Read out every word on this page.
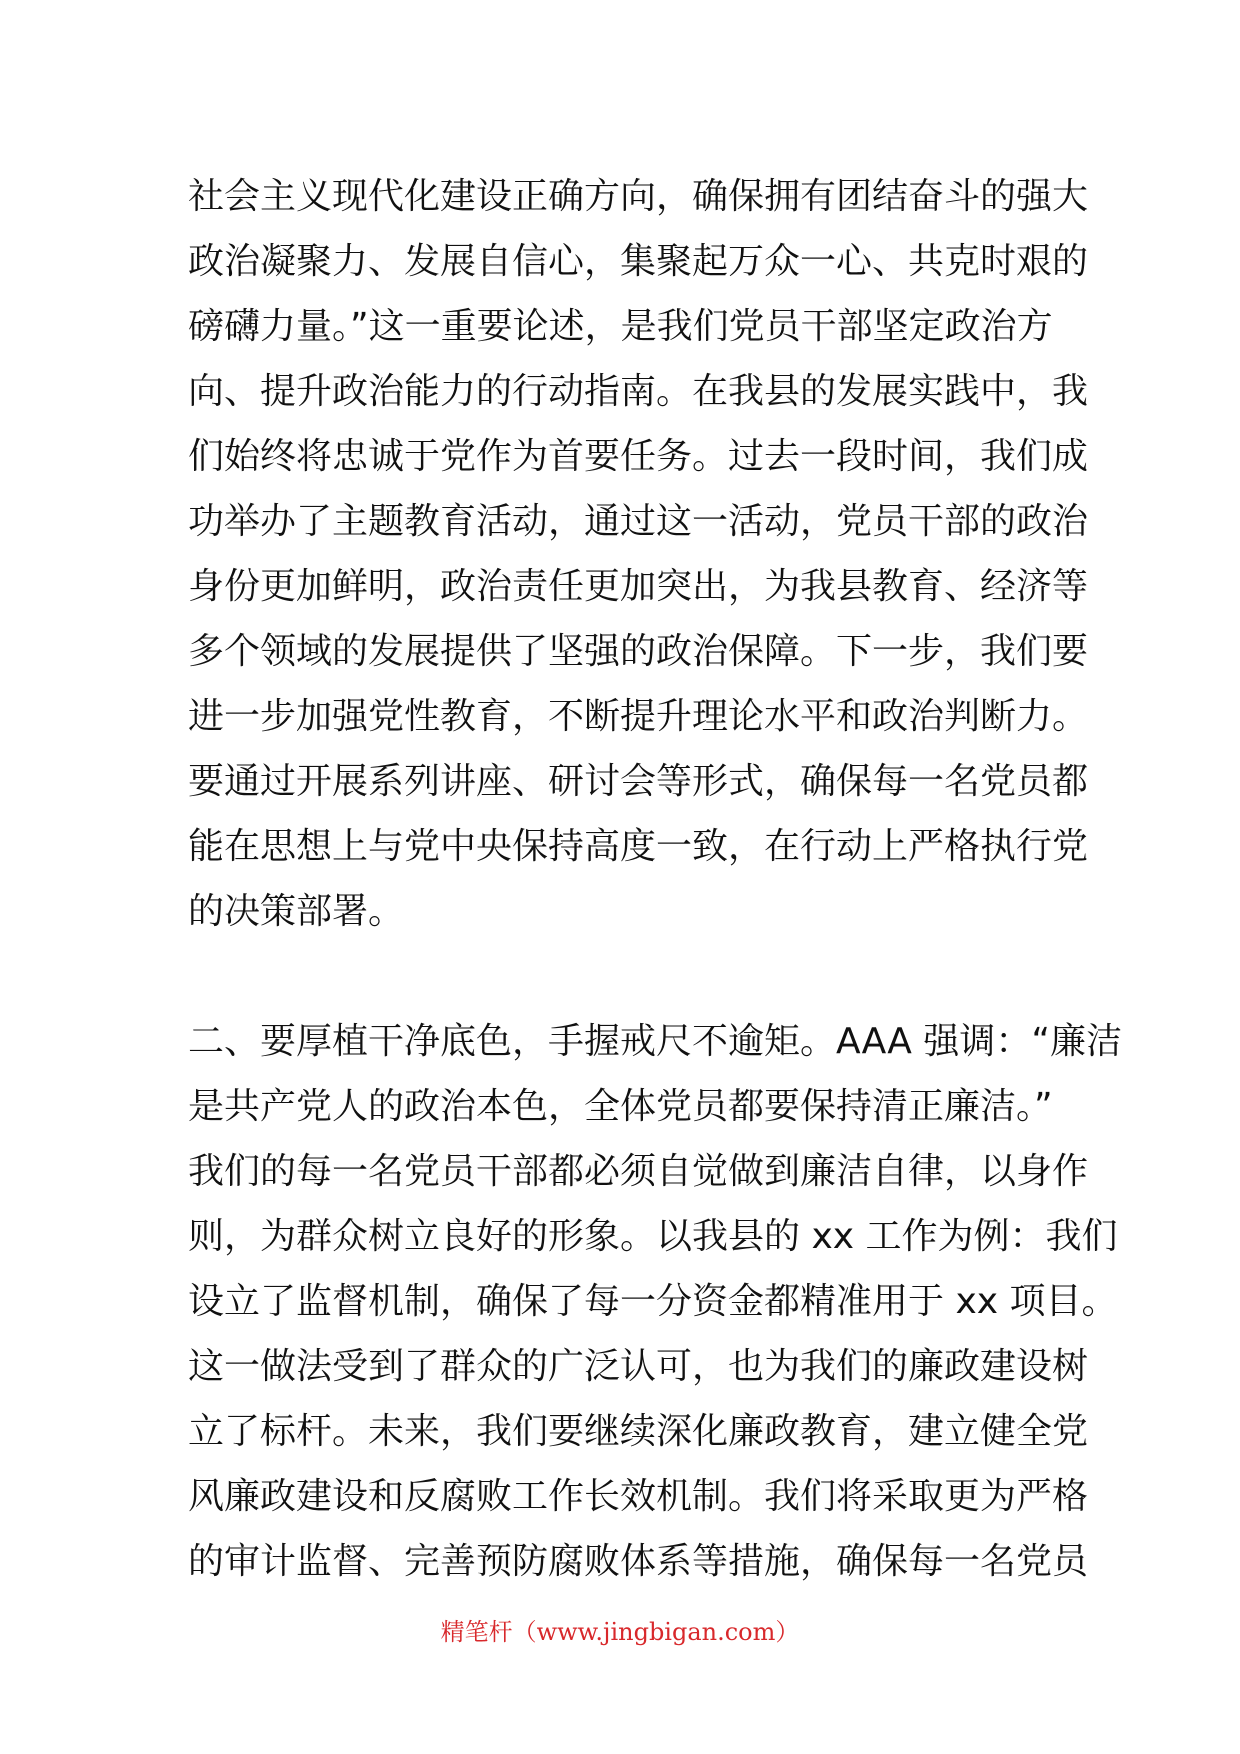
社会主义现代化建设正确方向，确保拥有团结奋斗的强大
政治凝聚力、发展自信心，集聚起万众一心、共克时艰的
磅礴力量。”这一重要论述，是我们党员干部坚定政治方
向、提升政治能力的行动指南。在我县的发展实践中，我
们始终将忠诚于党作为首要任务。过去一段时间，我们成
功举办了主题教育活动，通过这一活动，党员干部的政治
身份更加鲜明，政治责任更加突出，为我县教育、经济等
多个领域的发展提供了坚强的政治保障。下一步，我们要
进一步加强党性教育，不断提升理论水平和政治判断力。
要通过开展系列讲座、研讨会等形式，确保每一名党员都
能在思想上与党中央保持高度一致，在行动上严格执行党
的决策部署。
二、要厚植干净底色，手握戒尺不逾矩。AAA 强调：“廉洁
是共产党人的政治本色，全体党员都要保持清正廉洁。”
我们的每一名党员干部都必须自觉做到廉洁自律，以身作
则，为群众树立良好的形象。以我县的 xx 工作为例：我们
设立了监督机制，确保了每一分资金都精准用于 xx 项目。
这一做法受到了群众的广泛认可，也为我们的廉政建设树
立了标杆。未来，我们要继续深化廉政教育，建立健全党
风廉政建设和反腐败工作长效机制。我们将采取更为严格
的审计监督、完善预防腐败体系等措施，确保每一名党员
精笔杆（www.jingbigan.com）
